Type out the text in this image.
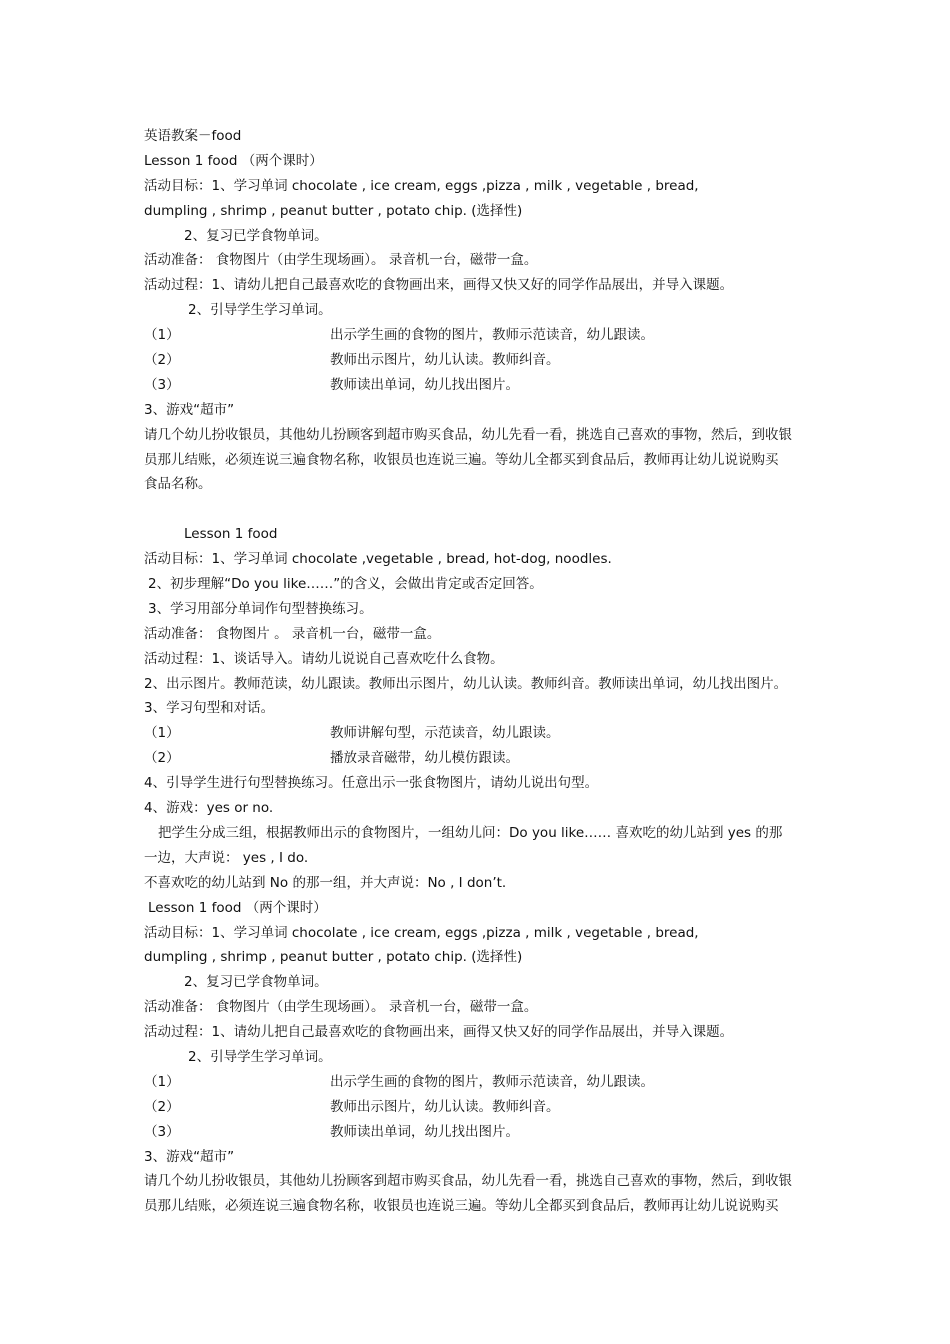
英语教案－food
Lesson 1 food （两个课时）
活动目标：1、学习单词 chocolate , ice cream, eggs ,pizza , milk , vegetable , bread,
dumpling , shrimp , peanut butter , potato chip. (选择性)
2、复习已学食物单词。
活动准备： 食物图片（由学生现场画）。 录音机一台，磁带一盒。
活动过程：1、请幼儿把自己最喜欢吃的食物画出来，画得又快又好的同学作品展出，并导入课题。
2、引导学生学习单词。
（1）	出示学生画的食物的图片，教师示范读音，幼儿跟读。
（2）	教师出示图片，幼儿认读。教师纠音。
（3）	教师读出单词，幼儿找出图片。
3、游戏“超市”
请几个幼儿扮收银员，其他幼儿扮顾客到超市购买食品，幼儿先看一看，挑选自己喜欢的事物，然后，到收银
员那儿结账，必须连说三遍食物名称，收银员也连说三遍。等幼儿全都买到食品后，教师再让幼儿说说购买
食品名称。
Lesson 1 food
活动目标：1、学习单词 chocolate ,vegetable , bread, hot-dog, noodles.
2、初步理解“Do you like……”的含义，会做出肯定或否定回答。
3、学习用部分单词作句型替换练习。
活动准备： 食物图片 。 录音机一台，磁带一盒。
活动过程：1、谈话导入。请幼儿说说自己喜欢吃什么食物。
2、出示图片。教师范读，幼儿跟读。教师出示图片，幼儿认读。教师纠音。教师读出单词，幼儿找出图片。
3、学习句型和对话。
（1）	教师讲解句型，示范读音，幼儿跟读。
（2）	播放录音磁带，幼儿模仿跟读。
4、引导学生进行句型替换练习。任意出示一张食物图片，请幼儿说出句型。
4、游戏：yes or no.
把学生分成三组，根据教师出示的食物图片，一组幼儿问：Do you like…… 喜欢吃的幼儿站到 yes 的那
一边，大声说： yes , I do.
不喜欢吃的幼儿站到 No 的那一组，并大声说：No , I don’t.
Lesson 1 food （两个课时）
活动目标：1、学习单词 chocolate , ice cream, eggs ,pizza , milk , vegetable , bread,
dumpling , shrimp , peanut butter , potato chip. (选择性)
2、复习已学食物单词。
活动准备： 食物图片（由学生现场画）。 录音机一台，磁带一盒。
活动过程：1、请幼儿把自己最喜欢吃的食物画出来，画得又快又好的同学作品展出，并导入课题。
2、引导学生学习单词。
（1）	出示学生画的食物的图片，教师示范读音，幼儿跟读。
（2）	教师出示图片，幼儿认读。教师纠音。
（3）	教师读出单词，幼儿找出图片。
3、游戏“超市”
请几个幼儿扮收银员，其他幼儿扮顾客到超市购买食品，幼儿先看一看，挑选自己喜欢的事物，然后，到收银
员那儿结账，必须连说三遍食物名称，收银员也连说三遍。等幼儿全都买到食品后，教师再让幼儿说说购买
